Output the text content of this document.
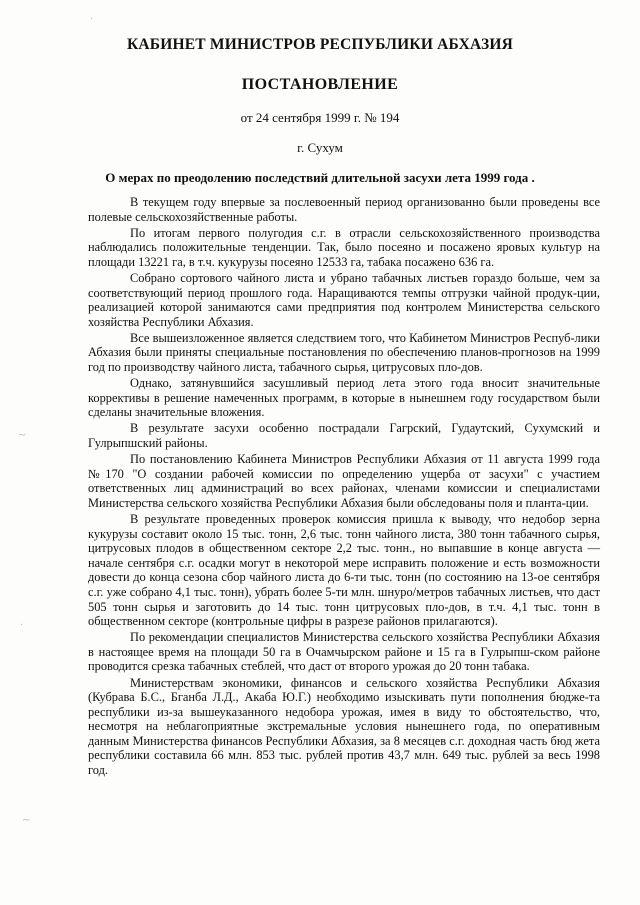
·
~
·
~
КАБИНЕТ МИНИСТРОВ РЕСПУБЛИКИ АБХАЗИЯ
ПОСТАНОВЛЕНИЕ
от 24 сентября 1999 г. № 194
г. Сухум
О мерах по преодолению последствий длительной засухи лета 1999 года .

В текущем году впервые за послевоенный период организованно были проведены все полевые сельскохозяйственные работы.

По итогам первого полугодия с.г. в отрасли сельскохозяйственного производства наблюдались положительные тенденции. Так, было посеяно и посажено яровых культур на площади 13221 га, в т.ч. кукурузы посеяно 12533 га, табака посажено 636 га.

Собрано сортового чайного листа и убрано табачных листьев гораздо больше, чем за соответствующий период прошлого года. Наращиваются темпы отгрузки чайной продук-ции, реализацией которой занимаются сами предприятия под контролем Министерства сельского хозяйства Республики Абхазия.

Все вышеизложенное является следствием того, что Кабинетом Министров Респуб-лики Абхазия были приняты специальные постановления по обеспечению планов-прогнозов на 1999 год по производству чайного листа, табачного сырья, цитрусовых пло-дов.

Однако, затянувшийся засушливый период лета этого года вносит значительные коррективы в решение намеченных программ, в которые в нынешнем году государством были сделаны значительные вложения.

В результате засухи особенно пострадали Гагрский, Гудаутский, Сухумский и Гулрыпшский районы.

По постановлению Кабинета Министров Республики Абхазия от 11 августа 1999 года №170 "О создании рабочей комиссии по определению ущерба от засухи" с участием ответственных лиц администраций во всех районах, членами комиссии и специалистами Министерства сельского хозяйства Республики Абхазия были обследованы поля и планта-ции.

В результате проведенных проверок комиссия пришла к выводу, что недобор зерна кукурузы составит около 15 тыс. тонн, 2,6 тыс. тонн чайного листа, 380 тонн табачного сырья, цитрусовых плодов в общественном секторе 2,2 тыс. тонн., но выпавшие в конце августа — начале сентября с.г. осадки могут в некоторой мере исправить положение и есть возможности довести до конца сезона сбор чайного листа до 6-ти тыс. тонн (по состоянию на 13-ое сентября с.г. уже собрано 4,1 тыс. тонн), убрать более 5-ти млн. шнуро/метров табачных листьев, что даст 505 тонн сырья и заготовить до 14 тыс. тонн цитрусовых пло-дов, в т.ч. 4,1 тыс. тонн в общественном секторе (контрольные цифры в разрезе районов прилагаются).

По рекомендации специалистов Министерства сельского хозяйства Республики Абхазия в настоящее время на площади 50 га в Очамчырском районе и 15 га в Гулрыпш-ском районе проводится срезка табачных стеблей, что даст от второго урожая до 20 тонн табака.

Министерствам экономики, финансов и сельского хозяйства Республики Абхазия (Кубрава Б.С., Бганба Л.Д., Акаба Ю.Г.) необходимо изыскивать пути пополнения бюдже-та республики из-за вышеуказанного недобора урожая, имея в виду то обстоятельство, что, несмотря на неблагоприятные экстремальные условия нынешнего года, по оперативным данным Министерства финансов Республики Абхазия, за 8 месяцев с.г. доходная часть бюд жета республики составила 66 млн. 853 тыс. рублей против 43,7 млн. 649 тыс. рублей за весь 1998 год.
